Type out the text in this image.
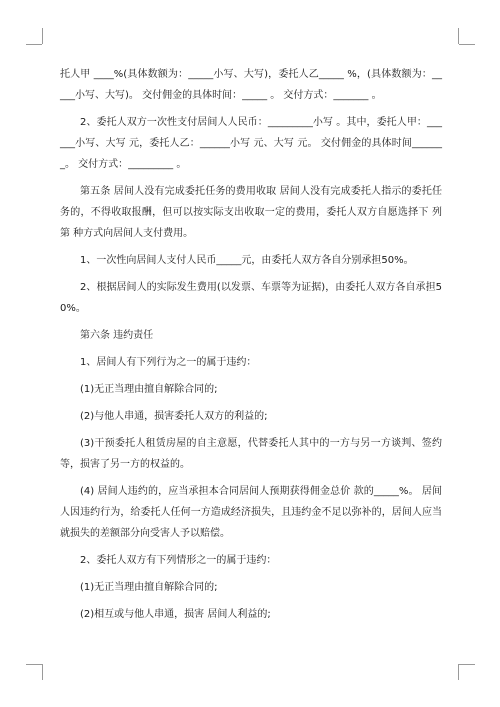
托人甲 ____%(具体数额为：_____小写、大写)，委托人乙_____ %，(具体数额为：_____小写、大写)。 交付佣金的具体时间：_____ 。 交付方式：_______ 。

2、委托人双方一次性支付居间人人民币：_________小写 。其中，委托人甲：______小写、大写 元，委托人乙：______小写 元、大写 元。 交付佣金的具体时间_______。 交付方式：_________ 。

第五条 居间人没有完成委托任务的费用收取 居间人没有完成委托人指示的委托任务的，不得收取报酬，但可以按实际支出收取一定的费用，委托人双方自愿选择下 列 第 种方式向居间人支付费用。

1、一次性向居间人支付人民币_____元，由委托人双方各自分别承担50%。

2、根据居间人的实际发生费用(以发票、车票等为证据)，由委托人双方各自承担50%。

第六条 违约责任

1、居间人有下列行为之一的属于违约：

(1)无正当理由擅自解除合同的;

(2)与他人串通，损害委托人双方的利益的;

(3)干预委托人租赁房屋的自主意愿，代替委托人其中的一方与另一方谈判、签约等，损害了另一方的权益的。

(4) 居间人违约的，应当承担本合同居间人预期获得佣金总价 款的_____%。 居间人因违约行为，给委托人任何一方造成经济损失，且违约金不足以弥补的，居间人应当就损失的差额部分向受害人予以赔偿。

2、委托人双方有下列情形之一的属于违约：

(1)无正当理由擅自解除合同的;

(2)相互或与他人串通，损害 居间人利益的;
